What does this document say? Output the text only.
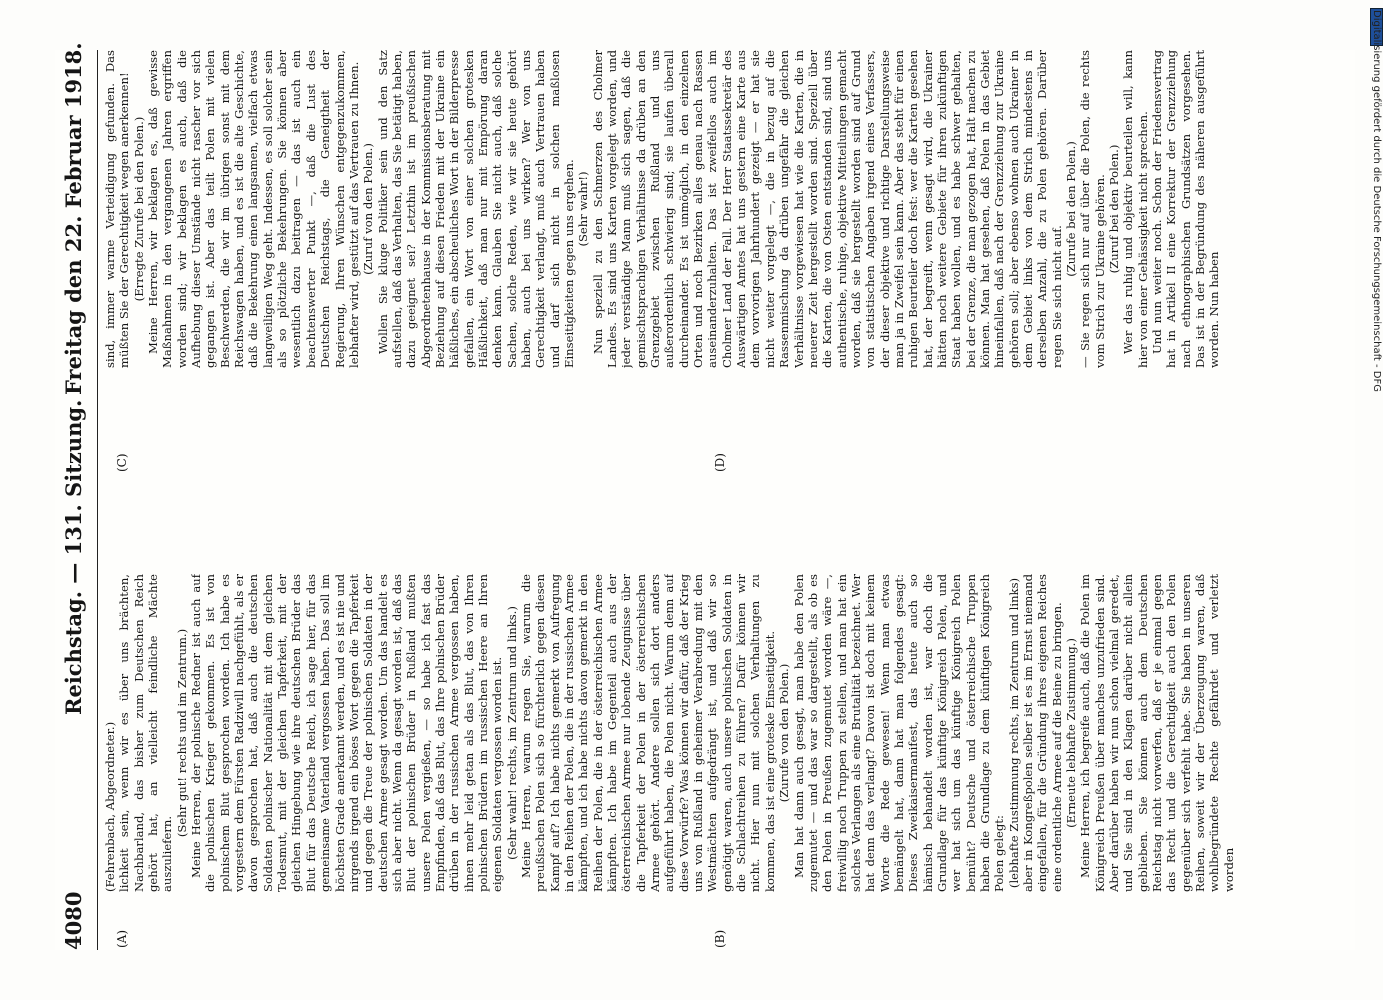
4080
Reichstag. — 131. Sitzung.
Freitag den 22. Februar 1918.
(A)	(B)
(C)	(D)

(Fehrenbach, Abgeordneter.) lichkeit sein, wenn wir es über uns brächten, Nachbarland, das bisher zum Deutschen Reich gehört hat, an vielleicht feindliche Mächte auszuliefern.

(Sehr gut! rechts und im Zentrum.) Meine Herren, der polnische Redner ist auch auf die polnischen Krieger gekommen. Es ist von polnischem Blut gesprochen worden. Ich habe es vorgestern dem Fürsten Radziwill nachgefühlt, als er davon gesprochen hat, daß auch die deutschen Soldaten polnischer Nationalität mit dem gleichen Todesmut, mit der gleichen Tapferkeit, mit der gleichen Hingebung wie ihre deutschen Brüder das Blut für das Deutsche Reich, ich sage hier, für das gemeinsame Vaterland vergossen haben. Das soll im höchsten Grade anerkannt werden, und es ist nie und nirgends irgend ein böses Wort gegen die Tapferkeit und gegen die Treue der polnischen Soldaten in der deutschen Armee gesagt worden. Um das handelt es sich aber nicht. Wenn da gesagt worden ist, daß das Blut der polnischen Brüder in Rußland mußten unsere Polen vergießen, — so habe ich fast das Empfinden, daß das Blut, das Ihre polnischen Brüder drüben in der russischen Armee vergossen haben, ihnen mehr leid getan als das Blut, das von Ihren polnischen Brüdern im russischen Heere an Ihren eigenen Soldaten vergossen worden ist. (Sehr wahr! rechts, im Zentrum und links.) Meine Herren, warum regen Sie, warum die preußischen Polen sich so fürchterlich gegen diesen Kampf auf? Ich habe nichts gemerkt von Aufregung in den Reihen der Polen, die in der russischen Armee kämpften, und ich habe nichts davon gemerkt in den Reihen der Polen, die in der österreichischen Armee kämpften. Ich habe im Gegenteil auch aus der österreichischen Armee nur lobende Zeugnisse über die Tapferkeit der Polen in der österreichischen Armee gehört. Andere sollen sich dort anders aufgeführt haben, die Polen nicht. Warum denn auf diese Vorwürfe? Was können wir dafür, daß der Krieg uns von Rußland in geheimer Verabredung mit den Westmächten aufgedrängt ist, und daß wir so genötigt waren, auch unsere polnischen Soldaten in die Schlachtreihen zu führen? Dafür können wir nicht. Hier nun mit solchen Verhaltungen zu kommen, das ist eine groteske Einseitigkeit. (Zurufe von den Polen.) Man hat dann auch gesagt, man habe den Polen zugemutet — und das war so dargestellt, als ob es den Polen in Preußen zugemutet worden wäre —, freiwillig noch Truppen zu stellen, und man hat ein solches Verlangen als eine Brutalität bezeichnet. Wer hat denn das verlangt? Davon ist doch mit keinem Worte die Rede gewesen! Wenn man etwas bemängelt hat, dann hat man folgendes gesagt: Dieses Zweikaisermanifest, das heute auch so hämisch behandelt worden ist, war doch die Grundlage für das künftige Königreich Polen, und wer hat sich um das künftige Königreich Polen bemüht? Deutsche und österreichische Truppen haben die Grundlage zu dem künftigen Königreich Polen gelegt: (lebhafte Zustimmung rechts, im Zentrum und links) aber in Kongreßpolen selber ist es im Ernst niemand eingefallen, für die Gründung ihres eigenen Reiches eine ordentliche Armee auf die Beine zu bringen. (Erneute lebhafte Zustimmung.) Meine Herren, ich begreife auch, daß die Polen im Königreich Preußen über manches unzufrieden sind. Aber darüber haben wir nun schon vielmal geredet, und Sie sind in den Klagen darüber nicht allein geblieben. Sie können auch dem Deutschen Reichstag nicht vorwerfen, daß er je einmal gegen das Recht und die Gerechtigkeit auch den Polen gegenüber sich verfehlt habe. Sie haben in unseren Reihen, soweit wir der Überzeugung waren, daß wohlbegründete Rechte gefährdet und verletzt worden

sind, immer warme Verteidigung gefunden. Das müßten Sie der Gerechtigkeit wegen anerkennen! (Erregte Zurufe bei den Polen.) Meine Herren, wir beklagen es, daß gewisse Maßnahmen in den vergangenen Jahren ergriffen worden sind; wir beklagen es auch, daß die Aufhebung dieser Umstände nicht rascher vor sich gegangen ist. Aber das teilt Polen mit vielen Beschwerden, die wir im übrigen sonst mit dem Reichswagen haben, und es ist die alte Geschichte, daß die Bekehrung einen langsamen, vielfach etwas langweiligen Weg geht. Indessen, es soll solcher sein als so plötzliche Bekehrungen. Sie können aber wesentlich dazu beitragen — das ist auch ein beachtenswerter Punkt —, daß die Lust des Deutschen Reichstags, die Geneigtheit der Regierung, Ihren Wünschen entgegenzukommen, lebhafter wird, gestützt auf das Vertrauen zu Ihnen. (Zuruf von den Polen.) Wollen Sie kluge Politiker sein und den Satz aufstellen, daß das Verhalten, das Sie betätigt haben, dazu geeignet sei? Letzthin ist im preußischen Abgeordnetenhause in der Kommissionsberatung mit Beziehung auf diesen Frieden mit der Ukraine ein häßliches, ein abscheuliches Wort in der Bilderpresse gefallen, ein Wort von einer solchen grotesken Häßlichkeit, daß man nur mit Empörung daran denken kann. Glauben Sie nicht auch, daß solche Sachen, solche Reden, wie wir sie heute gehört haben, auch bei uns wirken? Wer von uns Gerechtigkeit verlangt, muß auch Vertrauen haben und darf sich nicht in solchen maßlosen Einseitigkeiten gegen uns ergehen. (Sehr wahr!) Nun speziell zu den Schmerzen des Cholmer Landes. Es sind uns Karten vorgelegt worden, und jeder verständige Mann muß sich sagen, daß die gemischtsprachigen Verhältnisse da drüben an den Grenzgebiet zwischen Rußland und uns außerordentlich schwierig sind; sie laufen überall durcheinander. Es ist unmöglich, in den einzelnen Orten und noch Bezirken alles genau nach Rassen auseinanderzuhalten. Das ist zweifellos auch im Cholmer Land der Fall. Der Herr Staatssekretär des Auswärtigen Amtes hat uns gestern eine Karte aus dem vorvorigen Jahrhundert gezeigt — er hat sie nicht weiter vorgelegt —, die in bezug auf die Rassenmischung da drüben ungefähr die gleichen Verhältnisse vorgewiesen hat wie die Karten, die in neuerer Zeit hergestellt worden sind. Speziell über die Karten, die von Osten entstanden sind, sind uns authentische, ruhige, objektive Mitteilungen gemacht worden, daß sie hergestellt worden sind auf Grund von statistischen Angaben irgend eines Verfassers, der dieser objektive und richtige Darstellungsweise man ja in Zweifel sein kann. Aber das steht für einen ruhigen Beurteiler doch fest: wer die Karten gesehen hat, der begreift, wenn gesagt wird, die Ukrainer hätten noch weitere Gebiete für ihren zukünftigen Staat haben wollen, und es habe schwer gehalten, bei der Grenze, die man gezogen hat, Halt machen zu können. Man hat gesehen, daß Polen in das Gebiet hineinfallen, daß nach der Grenzziehung zur Ukraine gehören soll; aber ebenso wohnen auch Ukrainer in dem Gebiet links von dem Strich mindestens in derselben Anzahl, die zu Polen gehören. Darüber regen Sie sich nicht auf.

(Zurufe bei den Polen.) — Sie regen sich nur auf über die Polen, die rechts vom Strich zur Ukraine gehören. (Zuruf bei den Polen.) Wer das ruhig und objektiv beurteilen will, kann hier von einer Gehässigkeit nicht sprechen. Und nun weiter noch. Schon der Friedensvertrag hat in Artikel II eine Korrektur der Grenzziehung nach ethnographischen Grundsätzen vorgesehen. Das ist in der Begründung des näheren ausgeführt worden. Nun haben	Digitalisierung gefördert durch die Deutsche Forschungsgemeinschaft - DFG
